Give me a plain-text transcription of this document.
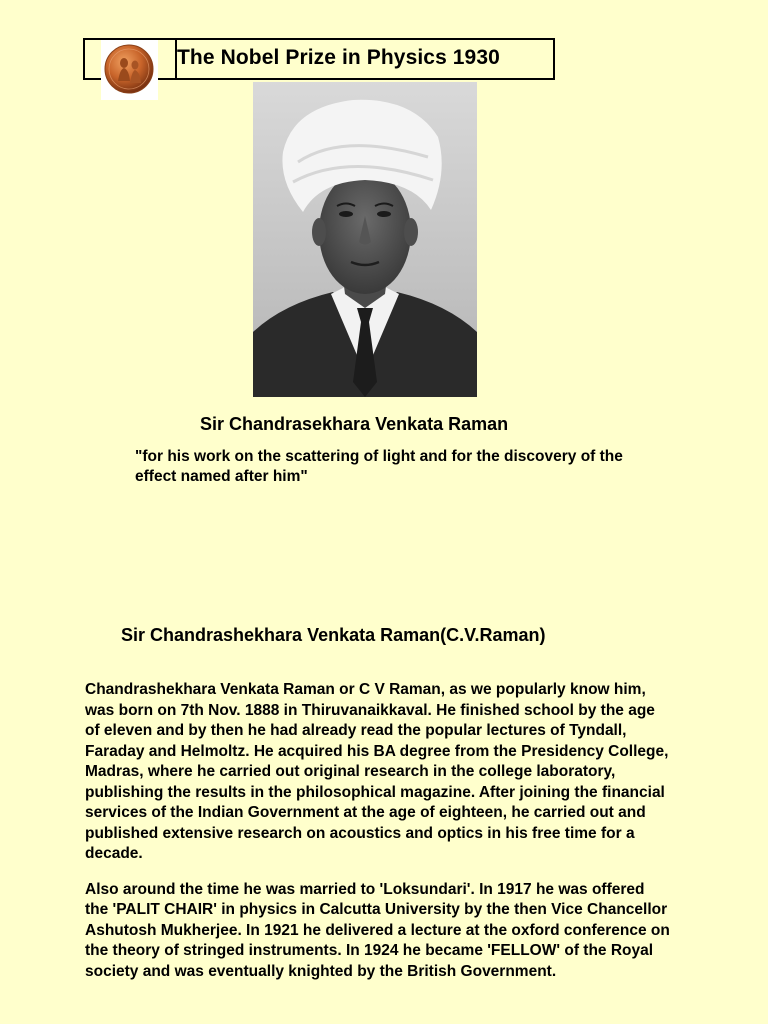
The Nobel Prize in Physics 1930
Sir Chandrasekhara Venkata Raman
"for his work on the scattering of light and for the discovery of the effect named after him"
Sir Chandrashekhara Venkata Raman(C.V.Raman)

Chandrashekhara Venkata Raman or C V Raman, as we popularly know him, was born on 7th Nov. 1888 in Thiruvanaikkaval. He finished school by the age of eleven and by then he had already read the popular lectures of Tyndall, Faraday and Helmoltz. He acquired his BA degree from the Presidency College, Madras, where he carried out original research in the college laboratory, publishing the results in the philosophical magazine. After joining the financial services of the Indian Government at the age of eighteen, he carried out and published extensive research on acoustics and optics in his free time for a decade.

Also around the time he was married to 'Loksundari'. In 1917 he was offered the 'PALIT CHAIR' in physics in Calcutta University by the then Vice Chancellor Ashutosh Mukherjee. In 1921 he delivered a lecture at the oxford conference on the theory of stringed instruments. In 1924 he became 'FELLOW' of the Royal society and was eventually knighted by the British Government.
